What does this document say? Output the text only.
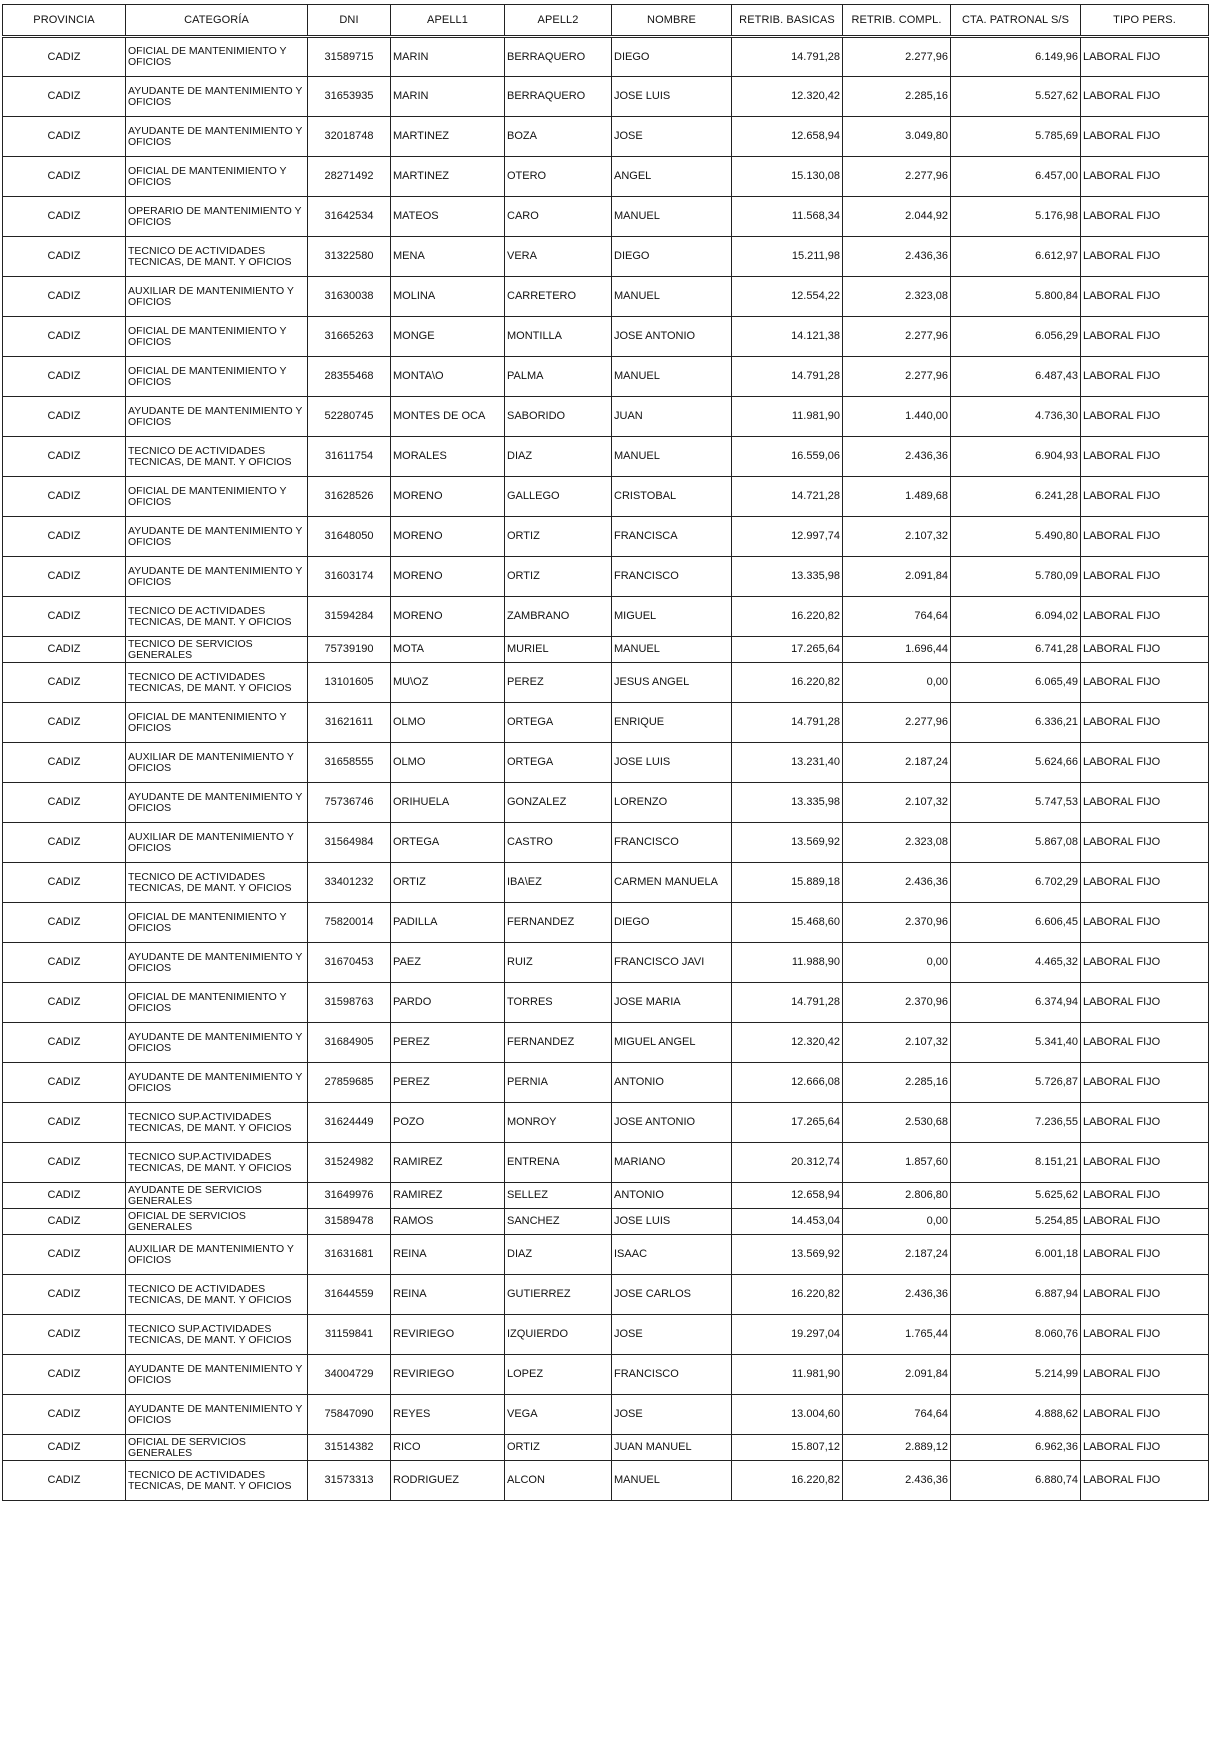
PROVINCIA	CATEGORÍA	DNI	APELL1	APELL2	NOMBRE	RETRIB. BASICAS	RETRIB. COMPL.	CTA. PATRONAL S/S	TIPO PERS.
CADIZ	OFICIAL DE MANTENIMIENTO Y OFICIOS	31589715	MARIN	BERRAQUERO	DIEGO	14.791,28	2.277,96	6.149,96	LABORAL FIJO
CADIZ	AYUDANTE DE MANTENIMIENTO Y OFICIOS	31653935	MARIN	BERRAQUERO	JOSE LUIS	12.320,42	2.285,16	5.527,62	LABORAL FIJO
CADIZ	AYUDANTE DE MANTENIMIENTO Y OFICIOS	32018748	MARTINEZ	BOZA	JOSE	12.658,94	3.049,80	5.785,69	LABORAL FIJO
CADIZ	OFICIAL DE MANTENIMIENTO Y OFICIOS	28271492	MARTINEZ	OTERO	ANGEL	15.130,08	2.277,96	6.457,00	LABORAL FIJO
CADIZ	OPERARIO DE MANTENIMIENTO Y OFICIOS	31642534	MATEOS	CARO	MANUEL	11.568,34	2.044,92	5.176,98	LABORAL FIJO
CADIZ	TECNICO DE ACTIVIDADES TECNICAS, DE MANT. Y OFICIOS	31322580	MENA	VERA	DIEGO	15.211,98	2.436,36	6.612,97	LABORAL FIJO
CADIZ	AUXILIAR DE MANTENIMIENTO Y OFICIOS	31630038	MOLINA	CARRETERO	MANUEL	12.554,22	2.323,08	5.800,84	LABORAL FIJO
CADIZ	OFICIAL DE MANTENIMIENTO Y OFICIOS	31665263	MONGE	MONTILLA	JOSE ANTONIO	14.121,38	2.277,96	6.056,29	LABORAL FIJO
CADIZ	OFICIAL DE MANTENIMIENTO Y OFICIOS	28355468	MONTA\O	PALMA	MANUEL	14.791,28	2.277,96	6.487,43	LABORAL FIJO
CADIZ	AYUDANTE DE MANTENIMIENTO Y OFICIOS	52280745	MONTES DE OCA	SABORIDO	JUAN	11.981,90	1.440,00	4.736,30	LABORAL FIJO
CADIZ	TECNICO DE ACTIVIDADES TECNICAS, DE MANT. Y OFICIOS	31611754	MORALES	DIAZ	MANUEL	16.559,06	2.436,36	6.904,93	LABORAL FIJO
CADIZ	OFICIAL DE MANTENIMIENTO Y OFICIOS	31628526	MORENO	GALLEGO	CRISTOBAL	14.721,28	1.489,68	6.241,28	LABORAL FIJO
CADIZ	AYUDANTE DE MANTENIMIENTO Y OFICIOS	31648050	MORENO	ORTIZ	FRANCISCA	12.997,74	2.107,32	5.490,80	LABORAL FIJO
CADIZ	AYUDANTE DE MANTENIMIENTO Y OFICIOS	31603174	MORENO	ORTIZ	FRANCISCO	13.335,98	2.091,84	5.780,09	LABORAL FIJO
CADIZ	TECNICO DE ACTIVIDADES TECNICAS, DE MANT. Y OFICIOS	31594284	MORENO	ZAMBRANO	MIGUEL	16.220,82	764,64	6.094,02	LABORAL FIJO
CADIZ	TECNICO DE SERVICIOS GENERALES	75739190	MOTA	MURIEL	MANUEL	17.265,64	1.696,44	6.741,28	LABORAL FIJO
CADIZ	TECNICO DE ACTIVIDADES TECNICAS, DE MANT. Y OFICIOS	13101605	MU\OZ	PEREZ	JESUS ANGEL	16.220,82	0,00	6.065,49	LABORAL FIJO
CADIZ	OFICIAL DE MANTENIMIENTO Y OFICIOS	31621611	OLMO	ORTEGA	ENRIQUE	14.791,28	2.277,96	6.336,21	LABORAL FIJO
CADIZ	AUXILIAR DE MANTENIMIENTO Y OFICIOS	31658555	OLMO	ORTEGA	JOSE LUIS	13.231,40	2.187,24	5.624,66	LABORAL FIJO
CADIZ	AYUDANTE DE MANTENIMIENTO Y OFICIOS	75736746	ORIHUELA	GONZALEZ	LORENZO	13.335,98	2.107,32	5.747,53	LABORAL FIJO
CADIZ	AUXILIAR DE MANTENIMIENTO Y OFICIOS	31564984	ORTEGA	CASTRO	FRANCISCO	13.569,92	2.323,08	5.867,08	LABORAL FIJO
CADIZ	TECNICO DE ACTIVIDADES TECNICAS, DE MANT. Y OFICIOS	33401232	ORTIZ	IBA\EZ	CARMEN MANUELA	15.889,18	2.436,36	6.702,29	LABORAL FIJO
CADIZ	OFICIAL DE MANTENIMIENTO Y OFICIOS	75820014	PADILLA	FERNANDEZ	DIEGO	15.468,60	2.370,96	6.606,45	LABORAL FIJO
CADIZ	AYUDANTE DE MANTENIMIENTO Y OFICIOS	31670453	PAEZ	RUIZ	FRANCISCO JAVI	11.988,90	0,00	4.465,32	LABORAL FIJO
CADIZ	OFICIAL DE MANTENIMIENTO Y OFICIOS	31598763	PARDO	TORRES	JOSE MARIA	14.791,28	2.370,96	6.374,94	LABORAL FIJO
CADIZ	AYUDANTE DE MANTENIMIENTO Y OFICIOS	31684905	PEREZ	FERNANDEZ	MIGUEL ANGEL	12.320,42	2.107,32	5.341,40	LABORAL FIJO
CADIZ	AYUDANTE DE MANTENIMIENTO Y OFICIOS	27859685	PEREZ	PERNIA	ANTONIO	12.666,08	2.285,16	5.726,87	LABORAL FIJO
CADIZ	TECNICO SUP.ACTIVIDADES TECNICAS, DE MANT. Y OFICIOS	31624449	POZO	MONROY	JOSE ANTONIO	17.265,64	2.530,68	7.236,55	LABORAL FIJO
CADIZ	TECNICO SUP.ACTIVIDADES TECNICAS, DE MANT. Y OFICIOS	31524982	RAMIREZ	ENTRENA	MARIANO	20.312,74	1.857,60	8.151,21	LABORAL FIJO
CADIZ	AYUDANTE DE SERVICIOS GENERALES	31649976	RAMIREZ	SELLEZ	ANTONIO	12.658,94	2.806,80	5.625,62	LABORAL FIJO
CADIZ	OFICIAL DE SERVICIOS GENERALES	31589478	RAMOS	SANCHEZ	JOSE LUIS	14.453,04	0,00	5.254,85	LABORAL FIJO
CADIZ	AUXILIAR DE MANTENIMIENTO Y OFICIOS	31631681	REINA	DIAZ	ISAAC	13.569,92	2.187,24	6.001,18	LABORAL FIJO
CADIZ	TECNICO DE ACTIVIDADES TECNICAS, DE MANT. Y OFICIOS	31644559	REINA	GUTIERREZ	JOSE CARLOS	16.220,82	2.436,36	6.887,94	LABORAL FIJO
CADIZ	TECNICO SUP.ACTIVIDADES TECNICAS, DE MANT. Y OFICIOS	31159841	REVIRIEGO	IZQUIERDO	JOSE	19.297,04	1.765,44	8.060,76	LABORAL FIJO
CADIZ	AYUDANTE DE MANTENIMIENTO Y OFICIOS	34004729	REVIRIEGO	LOPEZ	FRANCISCO	11.981,90	2.091,84	5.214,99	LABORAL FIJO
CADIZ	AYUDANTE DE MANTENIMIENTO Y OFICIOS	75847090	REYES	VEGA	JOSE	13.004,60	764,64	4.888,62	LABORAL FIJO
CADIZ	OFICIAL DE SERVICIOS GENERALES	31514382	RICO	ORTIZ	JUAN MANUEL	15.807,12	2.889,12	6.962,36	LABORAL FIJO
CADIZ	TECNICO DE ACTIVIDADES TECNICAS, DE MANT. Y OFICIOS	31573313	RODRIGUEZ	ALCON	MANUEL	16.220,82	2.436,36	6.880,74	LABORAL FIJO
